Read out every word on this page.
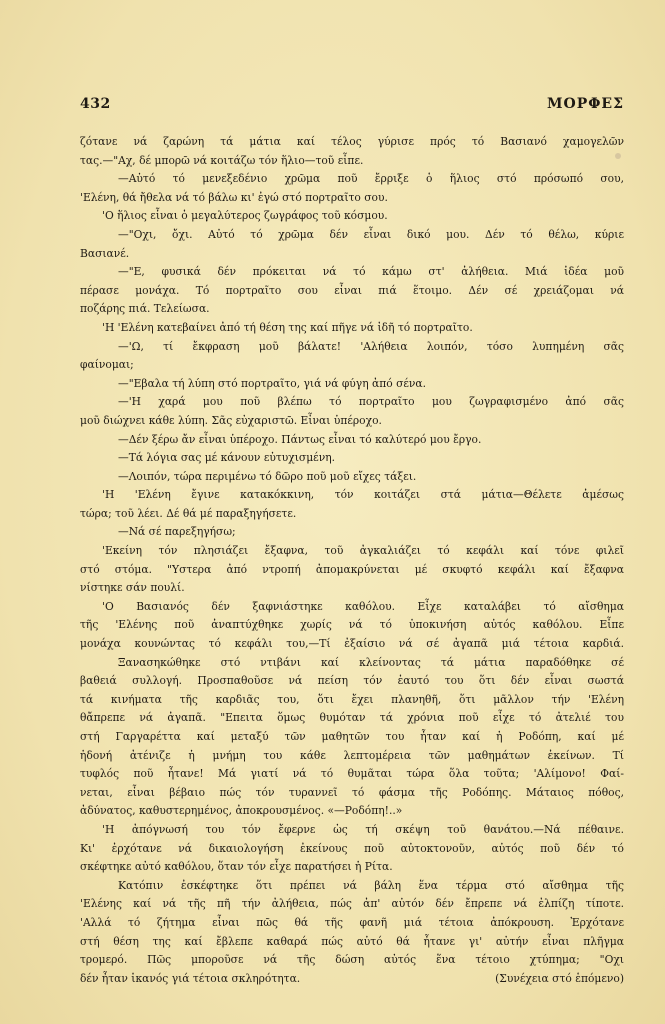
432	ΜΟΡΦΕΣ
ζότανε νά ζαρώνη τά μάτια καί τέλος γύρισε πρός τό Βασιανό χαμογελῶν
τας.—"Αχ, δέ μπορῶ νά κοιτάζω τόν ἥλιο—τοῦ εἶπε.
—Αὐτό τό μενεξεδένιο χρῶμα ποῦ ἔρριξε ὁ ἥλιος στό πρόσωπό σου,
'Ελένη, θά ἤθελα νά τό βάλω κι' ἐγώ στό πορτραῖτο σου.
'Ο ἥλιος εἶναι ὁ μεγαλύτερος ζωγράφος τοῦ κόσμου.
—"Οχι, ὄχι. Αὐτό τό χρῶμα δέν εἶναι δικό μου. Δέν τό θέλω, κύριε
Βασιανέ.
—"Ε, φυσικά δέν πρόκειται νά τό κάμω στ' ἀλήθεια. Μιά ἰδέα μοῦ
πέρασε μονάχα. Τό πορτραῖτο σου εἶναι πιά ἕτοιμο. Δέν σέ χρειάζομαι νά
ποζάρης πιά. Τελείωσα.
'Η 'Ελένη κατεβαίνει ἀπό τή θέση της καί πῆγε νά ἰδῆ τό πορτραῖτο.
—'Ω, τί ἔκφραση μοῦ βάλατε! 'Αλήθεια λοιπόν, τόσο λυπημένη σᾶς
φαίνομαι;
—"Εβαλα τή λύπη στό πορτραῖτο, γιά νά φύγη ἀπό σένα.
—'Η χαρά μου ποῦ βλέπω τό πορτραῖτο μου ζωγραφισμένο ἀπό σᾶς
μοῦ διώχνει κάθε λύπη. Σᾶς εὐχαριστῶ. Εἶναι ὑπέροχο.
—Δέν ξέρω ἄν εἶναι ὑπέροχο. Πάντως εἶναι τό καλύτερό μου ἔργο.
—Τά λόγια σας μέ κάνουν εὐτυχισμένη.
—Λοιπόν, τώρα περιμένω τό δῶρο ποῦ μοῦ εἴχες τάξει.
'Η 'Ελένη ἔγινε κατακόκκινη, τόν κοιτάζει στά μάτια—Θέλετε ἀμέσως
τώρα; τοῦ λέει. Δέ θά μέ παραξηγήσετε.
—Νά σέ παρεξηγήσω;
'Εκείνη τόν πλησιάζει ἔξαφνα, τοῦ ἀγκαλιάζει τό κεφάλι καί τόνε φιλεῖ
στό στόμα. "Υστερα ἀπό ντροπή ἀπομακρύνεται μέ σκυφτό κεφάλι καί ἔξαφνα
νίστηκε σάν πουλί.
'Ο Βασιανός δέν ξαφνιάστηκε καθόλου. Εἶχε καταλάβει τό αἴσθημα
τῆς 'Ελένης ποῦ ἀναπτύχθηκε χωρίς νά τό ὑποκινήση αὐτός καθόλου. Εἶπε
μονάχα κουνώντας τό κεφάλι του,—Τί ἐξαίσιο νά σέ ἀγαπᾶ μιά τέτοια καρδιά.
Ξανασηκώθηκε στό ντιβάνι καί κλείνοντας τά μάτια παραδόθηκε σέ
βαθειά συλλογή. Προσπαθοῦσε νά πείση τόν ἑαυτό του ὅτι δέν εἶναι σωστά
τά κινήματα τῆς καρδιᾶς του, ὅτι ἔχει πλανηθῆ, ὅτι μᾶλλον τήν 'Ελένη
θἄπρεπε νά ἀγαπᾶ. "Επειτα ὅμως θυμόταν τά χρόνια ποῦ εἶχε τό ἀτελιέ του
στή Γαργαρέττα καί μεταξύ τῶν μαθητῶν του ἦταν καί ἡ Ροδόπη, καί μέ
ἡδονή ἀτένιζε ἡ μνήμη του κάθε λεπτομέρεια τῶν μαθημάτων ἐκείνων. Τί
τυφλός ποῦ ἦτανε! Μά γιατί νά τό θυμᾶται τώρα ὅλα τοῦτα; 'Αλίμονο! Φαί-
νεται, εἶναι βέβαιο πώς τόν τυραννεῖ τό φάσμα τῆς Ροδόπης. Μάταιος πόθος,
ἀδύνατος, καθυστερημένος, ἀποκρουσμένος. «—Ροδόπη!..»
'Η ἀπόγνωσή του τόν ἔφερνε ὡς τή σκέψη τοῦ θανάτου.—Νά πέθαινε.
Κι' ἐρχότανε νά δικαιολογήση ἐκείνους ποῦ αὐτοκτονοῦν, αὐτός ποῦ δέν τό
σκέφτηκε αὐτό καθόλου, ὅταν τόν εἶχε παρατήσει ἡ Ρίτα.
Κατόπιν ἐσκέφτηκε ὅτι πρέπει νά βάλη ἕνα τέρμα στό αἴσθημα τῆς
'Ελένης καί νά τῆς πῆ τήν ἀλήθεια, πώς ἀπ' αὐτόν δέν ἔπρεπε νά ἐλπίζη τίποτε.
'Αλλά τό ζήτημα εἶναι πῶς θά τῆς φανῆ μιά τέτοια ἀπόκρουση. Ἐρχότανε
στή θέση της καί ἔβλεπε καθαρά πώς αὐτό θά ἦτανε γι' αὐτήν εἶναι πλῆγμα
τρομερό. Πῶς μποροῦσε νά τῆς δώση αὐτός ἕνα τέτοιο χτύπημα; "Οχι
δέν ἦταν ἱκανός γιά τέτοια σκληρότητα.	(Συνέχεια στό ἑπόμενο)
